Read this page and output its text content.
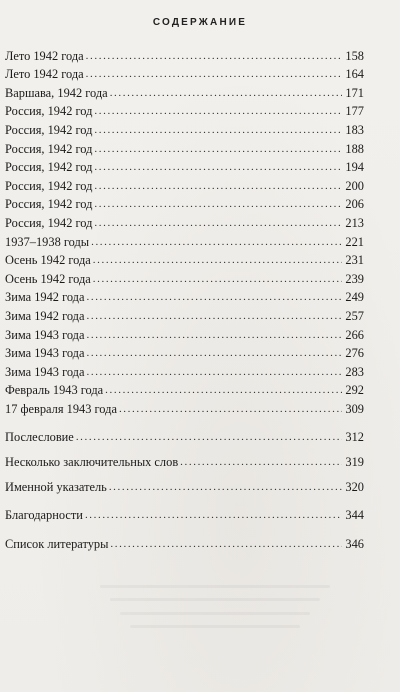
СОДЕРЖАНИЕ
Лето 1942 года .....	158
Лето 1942 года .....	164
Варшава, 1942 года .....	171
Россия, 1942 год .....	177
Россия, 1942 год .....	183
Россия, 1942 год .....	188
Россия, 1942 год .....	194
Россия, 1942 год .....	200
Россия, 1942 год .....	206
Россия, 1942 год .....	213
1937–1938 годы .....	221
Осень 1942 года .....	231
Осень 1942 года .....	239
Зима 1942 года .....	249
Зима 1942 года .....	257
Зима 1943 года .....	266
Зима 1943 года .....	276
Зима 1943 года .....	283
Февраль 1943 года .....	292
17 февраля 1943 года .....	309
Послесловие .....	312
Несколько заключительных слов .....	319
Именной указатель .....	320
Благодарности .....	344
Список литературы .....	346
